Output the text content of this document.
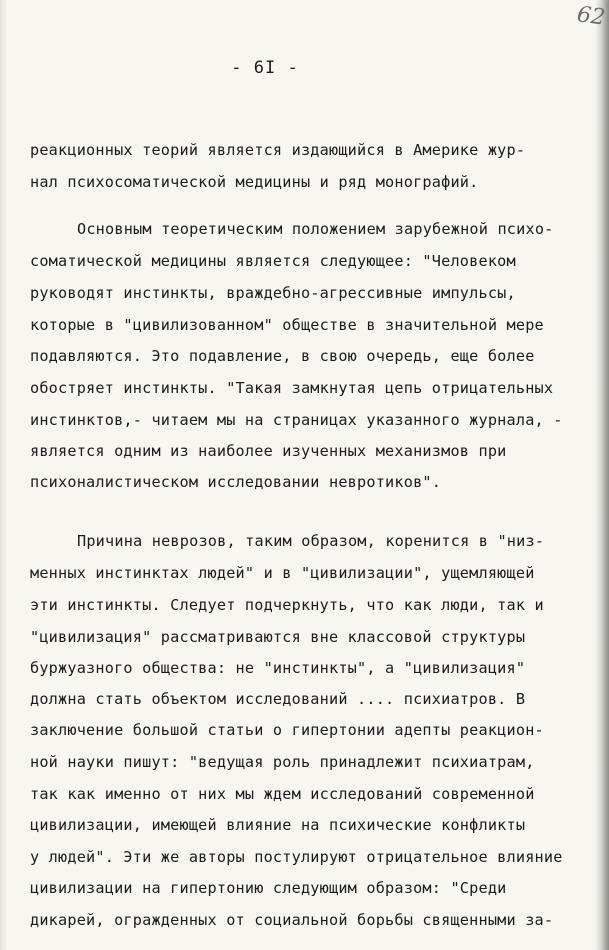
62
- 6I -
реакционных теорий является издающийся в Америке жур-
нал психосоматической медицины и ряд монографий.
Основным теоретическим положением зарубежной психо-
соматической медицины является следующее: "Человеком
руководят инстинкты, враждебно-агрессивные импульсы,
которые в "цивилизованном" обществе в значительной мере
подавляются. Это подавление, в свою очередь, еще более
обостряет инстинкты. "Такая замкнутая цепь отрицательных
инстинктов,- читаем мы на страницах указанного журнала, -
является одним из наиболее изученных механизмов при
психоналистическом исследовании невротиков".
Причина неврозов, таким образом, коренится в "низ-
менных инстинктах людей" и в "цивилизации", ущемляющей
эти инстинкты. Следует подчеркнуть, что как люди, так и
"цивилизация" рассматриваются вне классовой структуры
буржуазного общества: не "инстинкты", а "цивилизация"
должна стать объектом исследований .... психиатров. В
заключение большой статьи о гипертонии адепты реакцион-
ной науки пишут: "ведущая роль принадлежит психиатрам,
так как именно от них мы ждем исследований современной
цивилизации, имеющей влияние на психические конфликты
у людей". Эти же авторы постулируют отрицательное влияние
цивилизации на гипертонию следующим образом: "Среди
дикарей, огражденных от социальной борьбы священными за-
